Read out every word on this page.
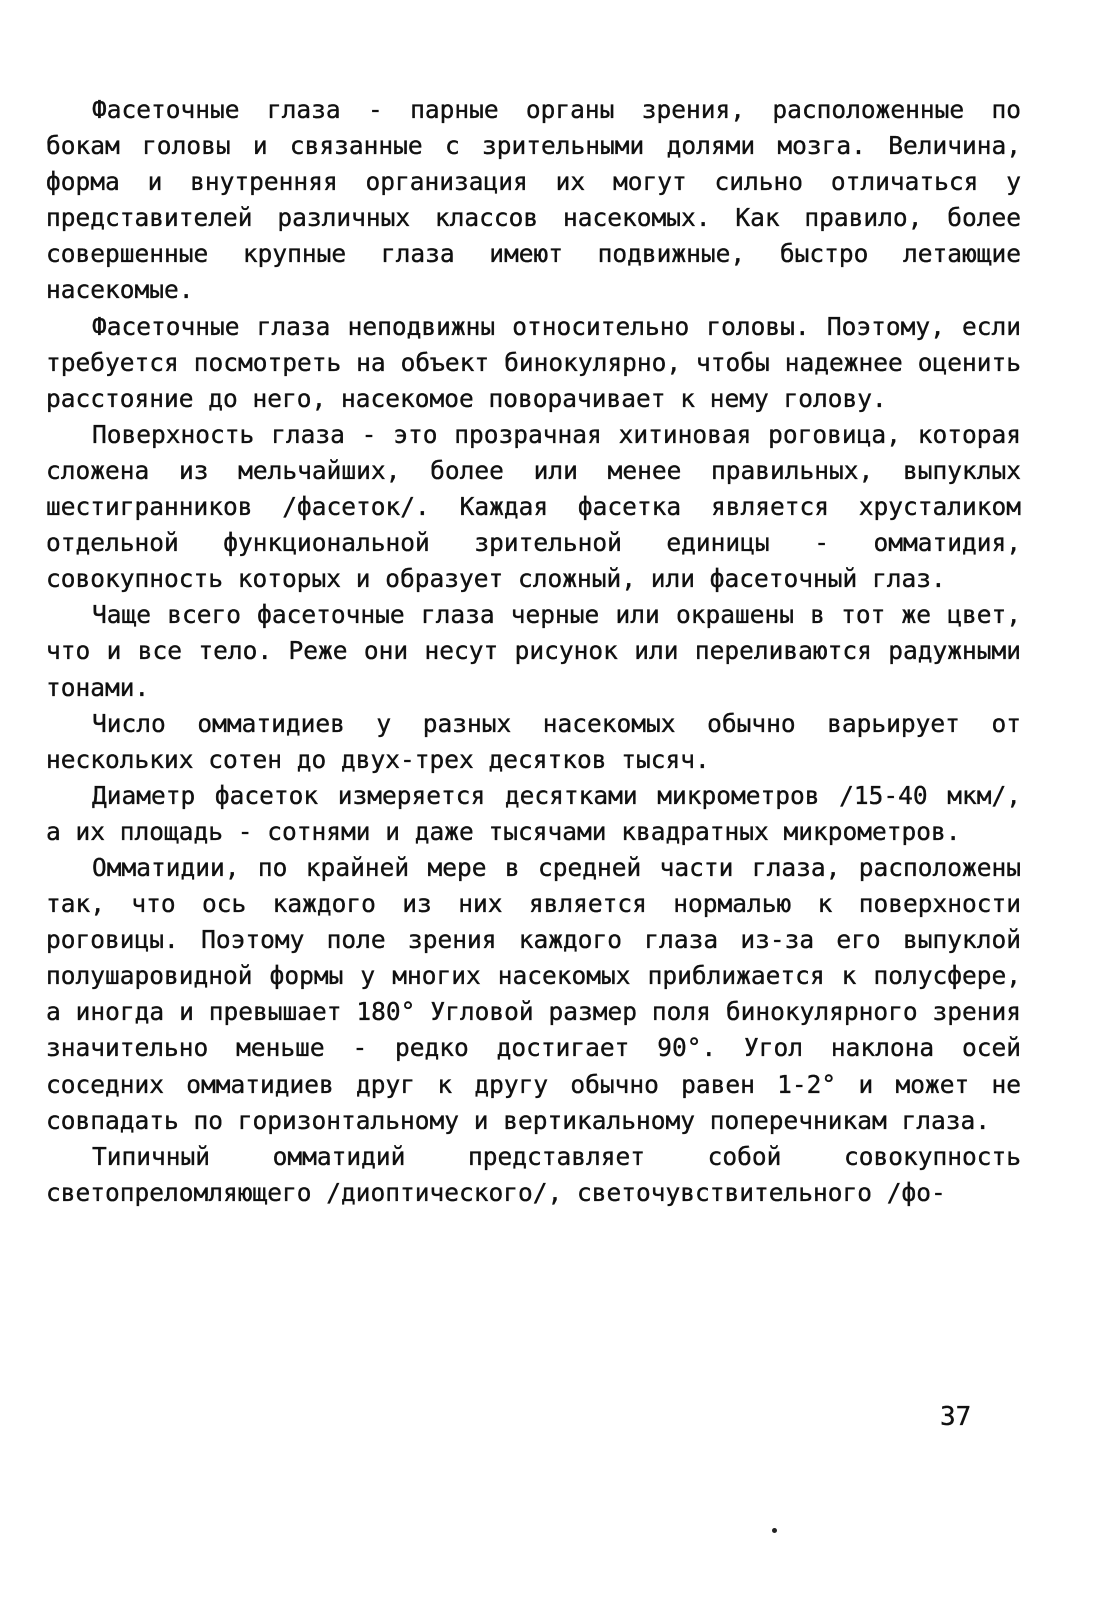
Фасеточные глаза - парные органы зрения, расположенные по бокам головы и связанные с зрительными долями мозга. Величина, форма и внутренняя организация их могут сильно отличаться у представителей различных классов насекомых. Как правило, более совершенные крупные глаза имеют подвижные, быстро летающие насекомые.

Фасеточные глаза неподвижны относительно головы. Поэтому, если требуется посмотреть на объект бинокулярно, чтобы надежнее оценить расстояние до него, насекомое поворачивает к нему голову.

Поверхность глаза - это прозрачная хитиновая роговица, которая сложена из мельчайших, более или менее правильных, выпуклых шестигранников /фасеток/. Каждая фасетка является хрусталиком отдельной функциональной зрительной единицы - омматидия, совокупность которых и образует сложный, или фасеточный глаз.

Чаще всего фасеточные глаза черные или окрашены в тот же цвет, что и все тело. Реже они несут рисунок или переливаются радужными тонами.

Число омматидиев у разных насекомых обычно варьирует от нескольких сотен до двух-трех десятков тысяч.

Диаметр фасеток измеряется десятками микрометров /15-40 мкм/, а их площадь - сотнями и даже тысячами квадратных микрометров.

Омматидии, по крайней мере в средней части глаза, расположены так, что ось каждого из них является нормалью к поверхности роговицы. Поэтому поле зрения каждого глаза из-за его выпуклой полушаровидной формы у многих насекомых приближается к полусфере, а иногда и превышает 180° Угловой размер поля бинокулярного зрения значительно меньше - редко достигает 90°. Угол наклона осей соседних омматидиев друг к другу обычно равен 1-2° и может не совпадать по горизонтальному и вертикальному поперечникам глаза.

Типичный омматидий представляет собой совокупность светопреломляющего /диоптического/, светочувствительного /фо-

37
